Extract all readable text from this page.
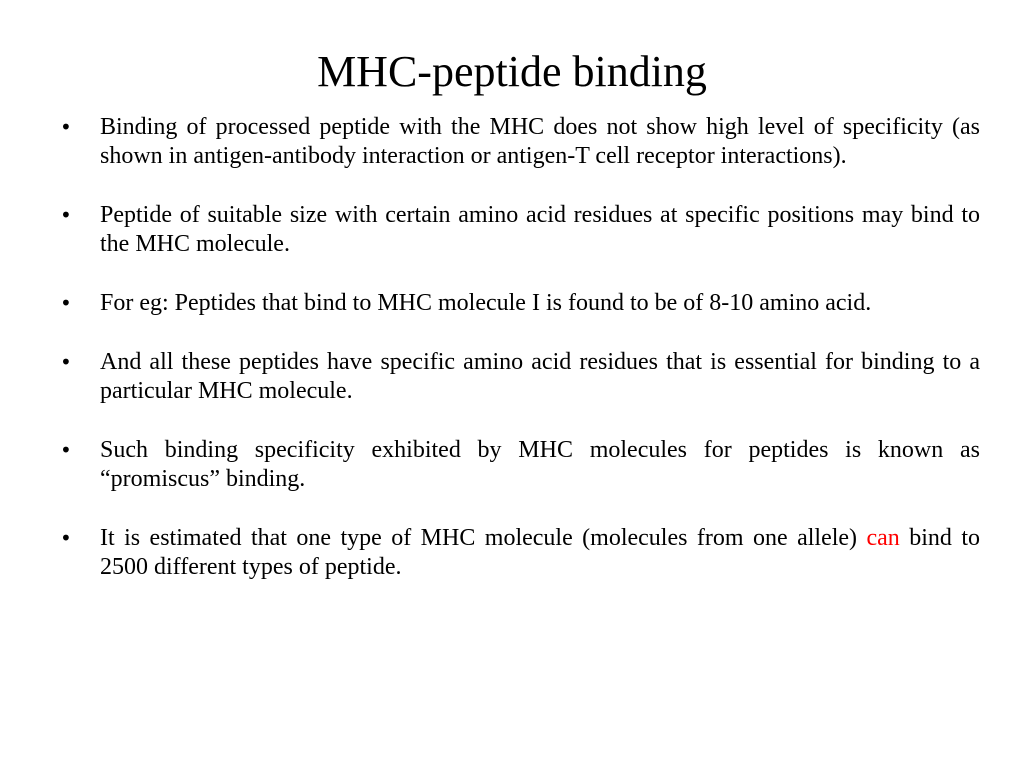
MHC-peptide binding
•	Binding of processed peptide with the MHC does not show high level of specificity (as shown in antigen-antibody interaction or antigen-T cell receptor interactions).
•	Peptide of suitable size with certain amino acid residues at specific positions may bind to the MHC molecule.
•	For eg: Peptides that bind to MHC molecule I is found to be of 8-10 amino acid.
•	And all these peptides have specific amino acid residues that is essential for binding to a particular MHC molecule.
•	Such binding specificity exhibited by MHC molecules for peptides is known as “promiscus” binding.
•	It is estimated that one type of MHC molecule (molecules from one allele) can bind to 2500 different types of peptide.
